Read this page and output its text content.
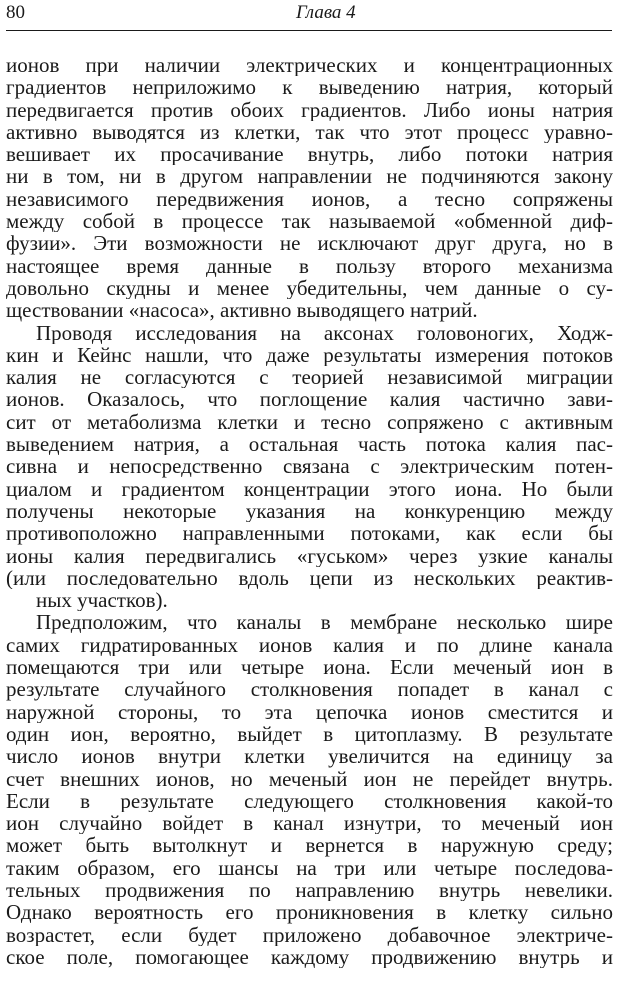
80	Глава 4
ионов при наличии электрических и концентрационных
градиентов неприложимо к выведению натрия, который
передвигается против обоих градиентов. Либо ионы натрия
активно выводятся из клетки, так что этот процесс уравно-
вешивает их просачивание внутрь, либо потоки натрия
ни в том, ни в другом направлении не подчиняются закону
независимого передвижения ионов, а тесно сопряжены
между собой в процессе так называемой «обменной диф-
фузии». Эти возможности не исключают друг друга, но в
настоящее время данные в пользу второго механизма
довольно скудны и менее убедительны, чем данные о су-
ществовании «насоса», активно выводящего натрий.
Проводя исследования на аксонах головоногих, Ходж-
кин и Кейнс нашли, что даже результаты измерения потоков
калия не согласуются с теорией независимой миграции
ионов. Оказалось, что поглощение калия частично зави-
сит от метаболизма клетки и тесно сопряжено с активным
выведением натрия, а остальная часть потока калия пас-
сивна и непосредственно связана с электрическим потен-
циалом и градиентом концентрации этого иона. Но были
получены некоторые указания на конкуренцию между
противоположно направленными потоками, как если бы
ионы калия передвигались «гуськом» через узкие каналы
(или последовательно вдоль цепи из нескольких реактив-
ных участков).
Предположим, что каналы в мембране несколько шире
самих гидратированных ионов калия и по длине канала
помещаются три или четыре иона. Если меченый ион в
результате случайного столкновения попадет в канал с
наружной стороны, то эта цепочка ионов сместится и
один ион, вероятно, выйдет в цитоплазму. В результате
число ионов внутри клетки увеличится на единицу за
счет внешних ионов, но меченый ион не перейдет внутрь.
Если в результате следующего столкновения какой-то
ион случайно войдет в канал изнутри, то меченый ион
может быть вытолкнут и вернется в наружную среду;
таким образом, его шансы на три или четыре последова-
тельных продвижения по направлению внутрь невелики.
Однако вероятность его проникновения в клетку сильно
возрастет, если будет приложено добавочное электриче-
ское поле, помогающее каждому продвижению внутрь и
